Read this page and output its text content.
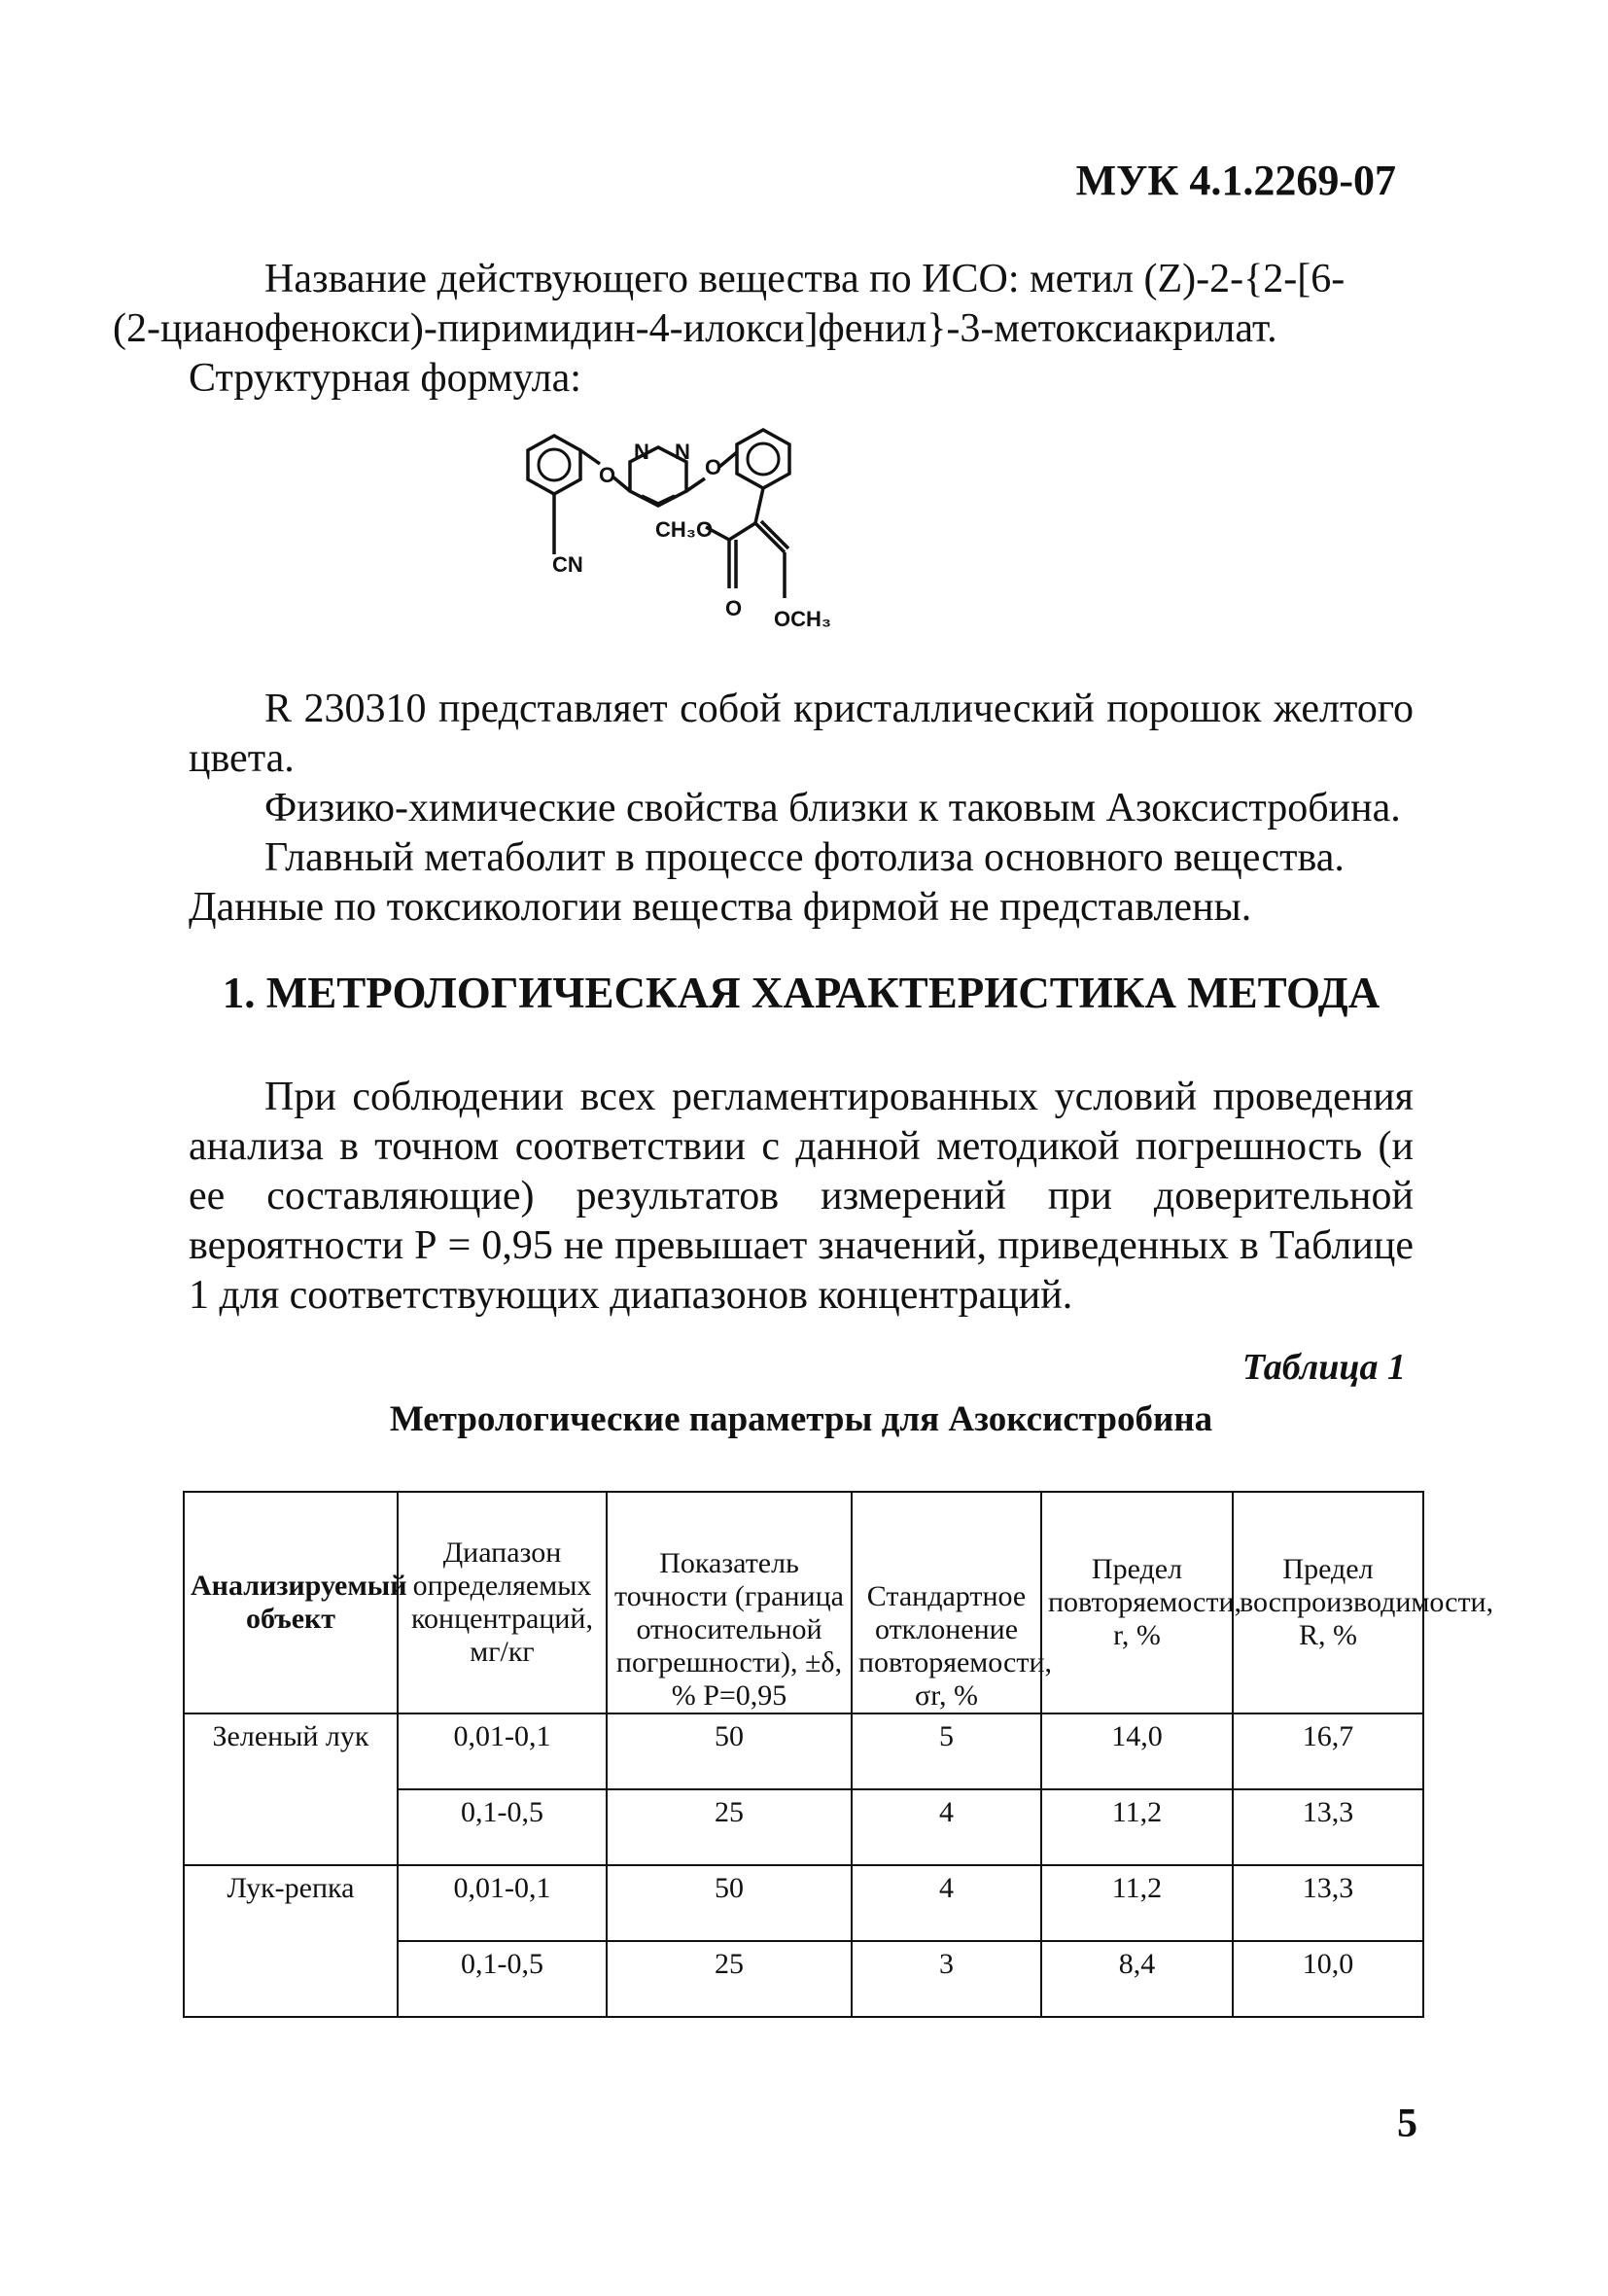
МУК 4.1.2269-07
Название действующего вещества по ИСО: метил (Z)-2-{2-[6-
(2-цианофенокси)-пиримидин-4-илокси]фенил}-3-метоксиакрилат.
Структурная формула:
N N
O	O
CN
CH₃O
O OCH₃
R 230310 представляет собой кристаллический порошок желтого цвета.
Физико-химические свойства близки к таковым Азоксистробина.
Главный метаболит в процессе фотолиза основного вещества.
Данные по токсикологии вещества фирмой не представлены.
1. МЕТРОЛОГИЧЕСКАЯ ХАРАКТЕРИСТИКА МЕТОДА
При соблюдении всех регламентированных условий проведения анализа в точном соответствии с данной методикой погрешность (и ее составляющие) результатов измерений при доверительной вероятности Р = 0,95 не превышает значений, приведенных в Таблице 1 для соответствующих диапазонов концентраций.
Таблица 1
Метрологические параметры для Азоксистробина
Анализируемый объект	Диапазон определяемых концентраций, мг/кг	Показатель точности (граница относительной погрешности), ±δ, % Р=0,95	Стандартное отклонение повторяемости, σr, %	Предел повторяемости, r, %	Предел воспроизводимости, R, %
Зеленый лук	0,01-0,1	50	5	14,0	16,7
	0,1-0,5	25	4	11,2	13,3
Лук-репка	0,01-0,1	50	4	11,2	13,3
	0,1-0,5	25	3	8,4	10,0
5
